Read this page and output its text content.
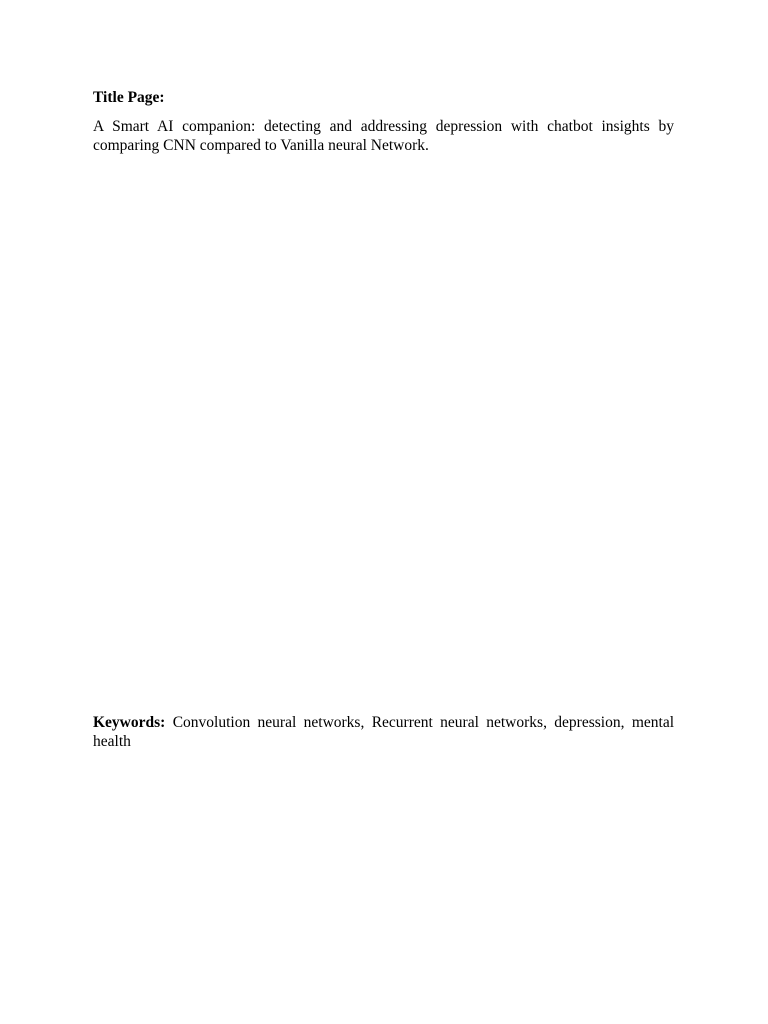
Title Page:

A Smart AI companion: detecting and addressing depression with chatbot insights by comparing CNN compared to Vanilla neural Network.

Keywords: Convolution neural networks, Recurrent neural networks, depression, mental health
